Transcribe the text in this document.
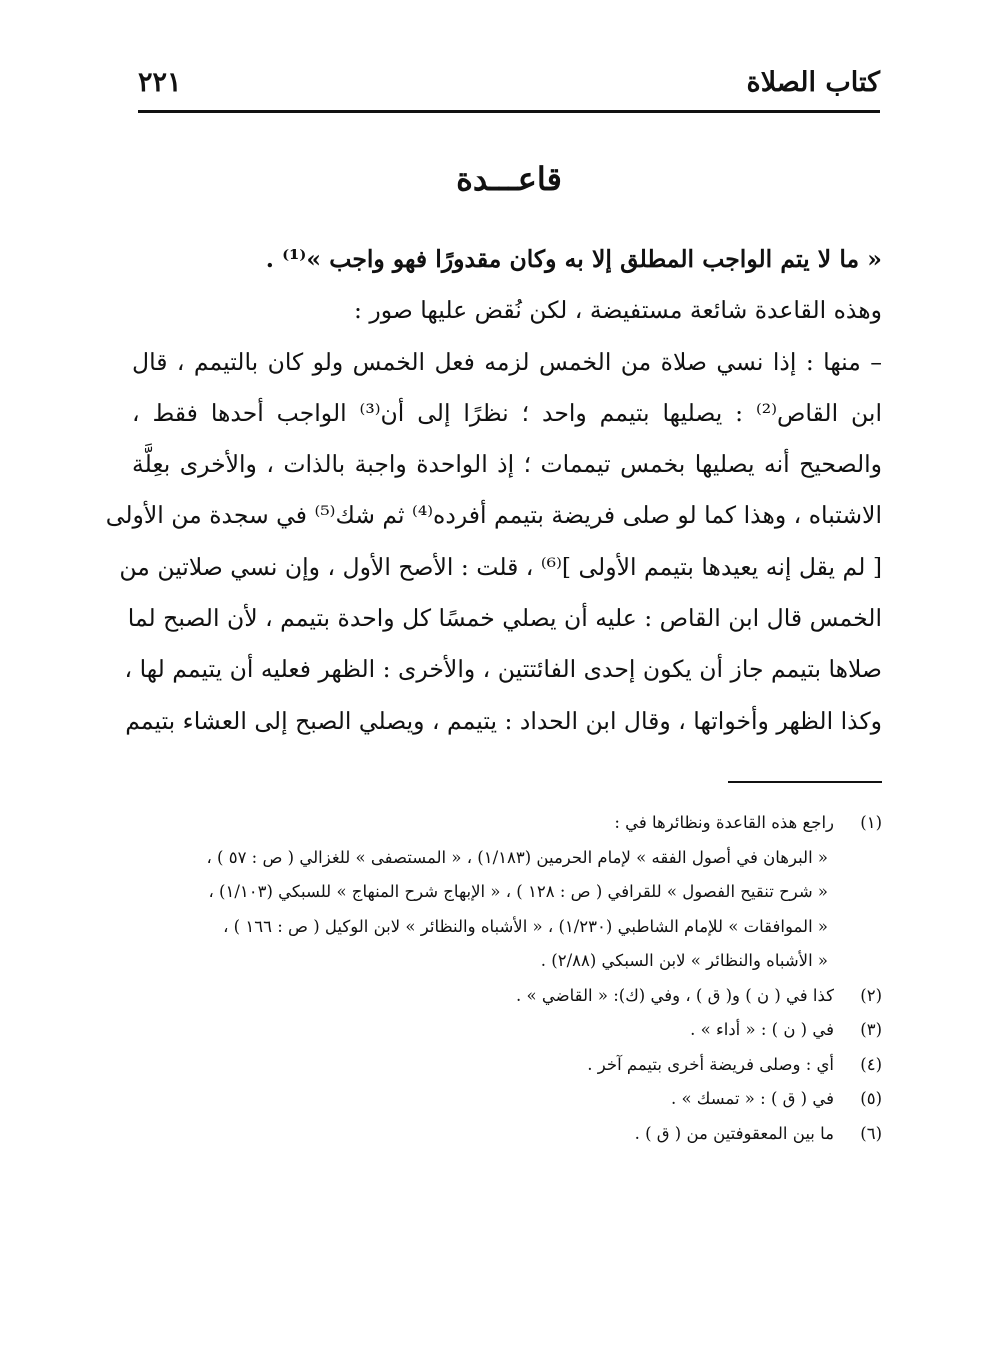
كتاب الصلاة
٢٢١
قاعـــدة
« ما لا يتم الواجب المطلق إلا به وكان مقدورًا فهو واجب »⁽¹⁾ .
وهذه القاعدة شائعة مستفيضة ، لكن نُقض عليها صور :
– منها : إذا نسي صلاة من الخمس لزمه فعل الخمس ولو كان بالتيمم ، قال
ابن القاص⁽²⁾ : يصليها بتيمم واحد ؛ نظرًا إلى أن⁽³⁾ الواجب أحدها فقط ،
والصحيح أنه يصليها بخمس تيممات ؛ إذ الواحدة واجبة بالذات ، والأخرى بعِلَّة
الاشتباه ، وهذا كما لو صلى فريضة بتيمم أفرده⁽⁴⁾ ثم شك⁽⁵⁾ في سجدة من الأولى
[ لم يقل إنه يعيدها بتيمم الأولى ]⁽⁶⁾ ، قلت : الأصح الأول ، وإن نسي صلاتين من
الخمس قال ابن القاص : عليه أن يصلي خمسًا كل واحدة بتيمم ، لأن الصبح لما
صلاها بتيمم جاز أن يكون إحدى الفائتتين ، والأخرى : الظهر فعليه أن يتيمم لها ،
وكذا الظهر وأخواتها ، وقال ابن الحداد : يتيمم ، ويصلي الصبح إلى العشاء بتيمم
(١)
راجع هذه القاعدة ونظائرها في :
« البرهان في أصول الفقه » لإمام الحرمين (١/١٨٣) ، « المستصفى » للغزالي ( ص : ٥٧ ) ،
« شرح تنقيح الفصول » للقرافي ( ص : ١٢٨ ) ، « الإبهاج شرح المنهاج » للسبكي (١/١٠٣) ،
« الموافقات » للإمام الشاطبي (١/٢٣٠) ، « الأشباه والنظائر » لابن الوكيل ( ص : ١٦٦ ) ،
« الأشباه والنظائر » لابن السبكي (٢/٨٨) .
(٢)
كذا في ( ن ) و( ق ) ، وفي (ك): « القاضي » .
(٣)
في ( ن ) : « أداء » .
(٤)
أي : وصلى فريضة أخرى بتيمم آخر .
(٥)
في ( ق ) : « تمسك » .
(٦)
ما بين المعقوفتين من ( ق ) .
